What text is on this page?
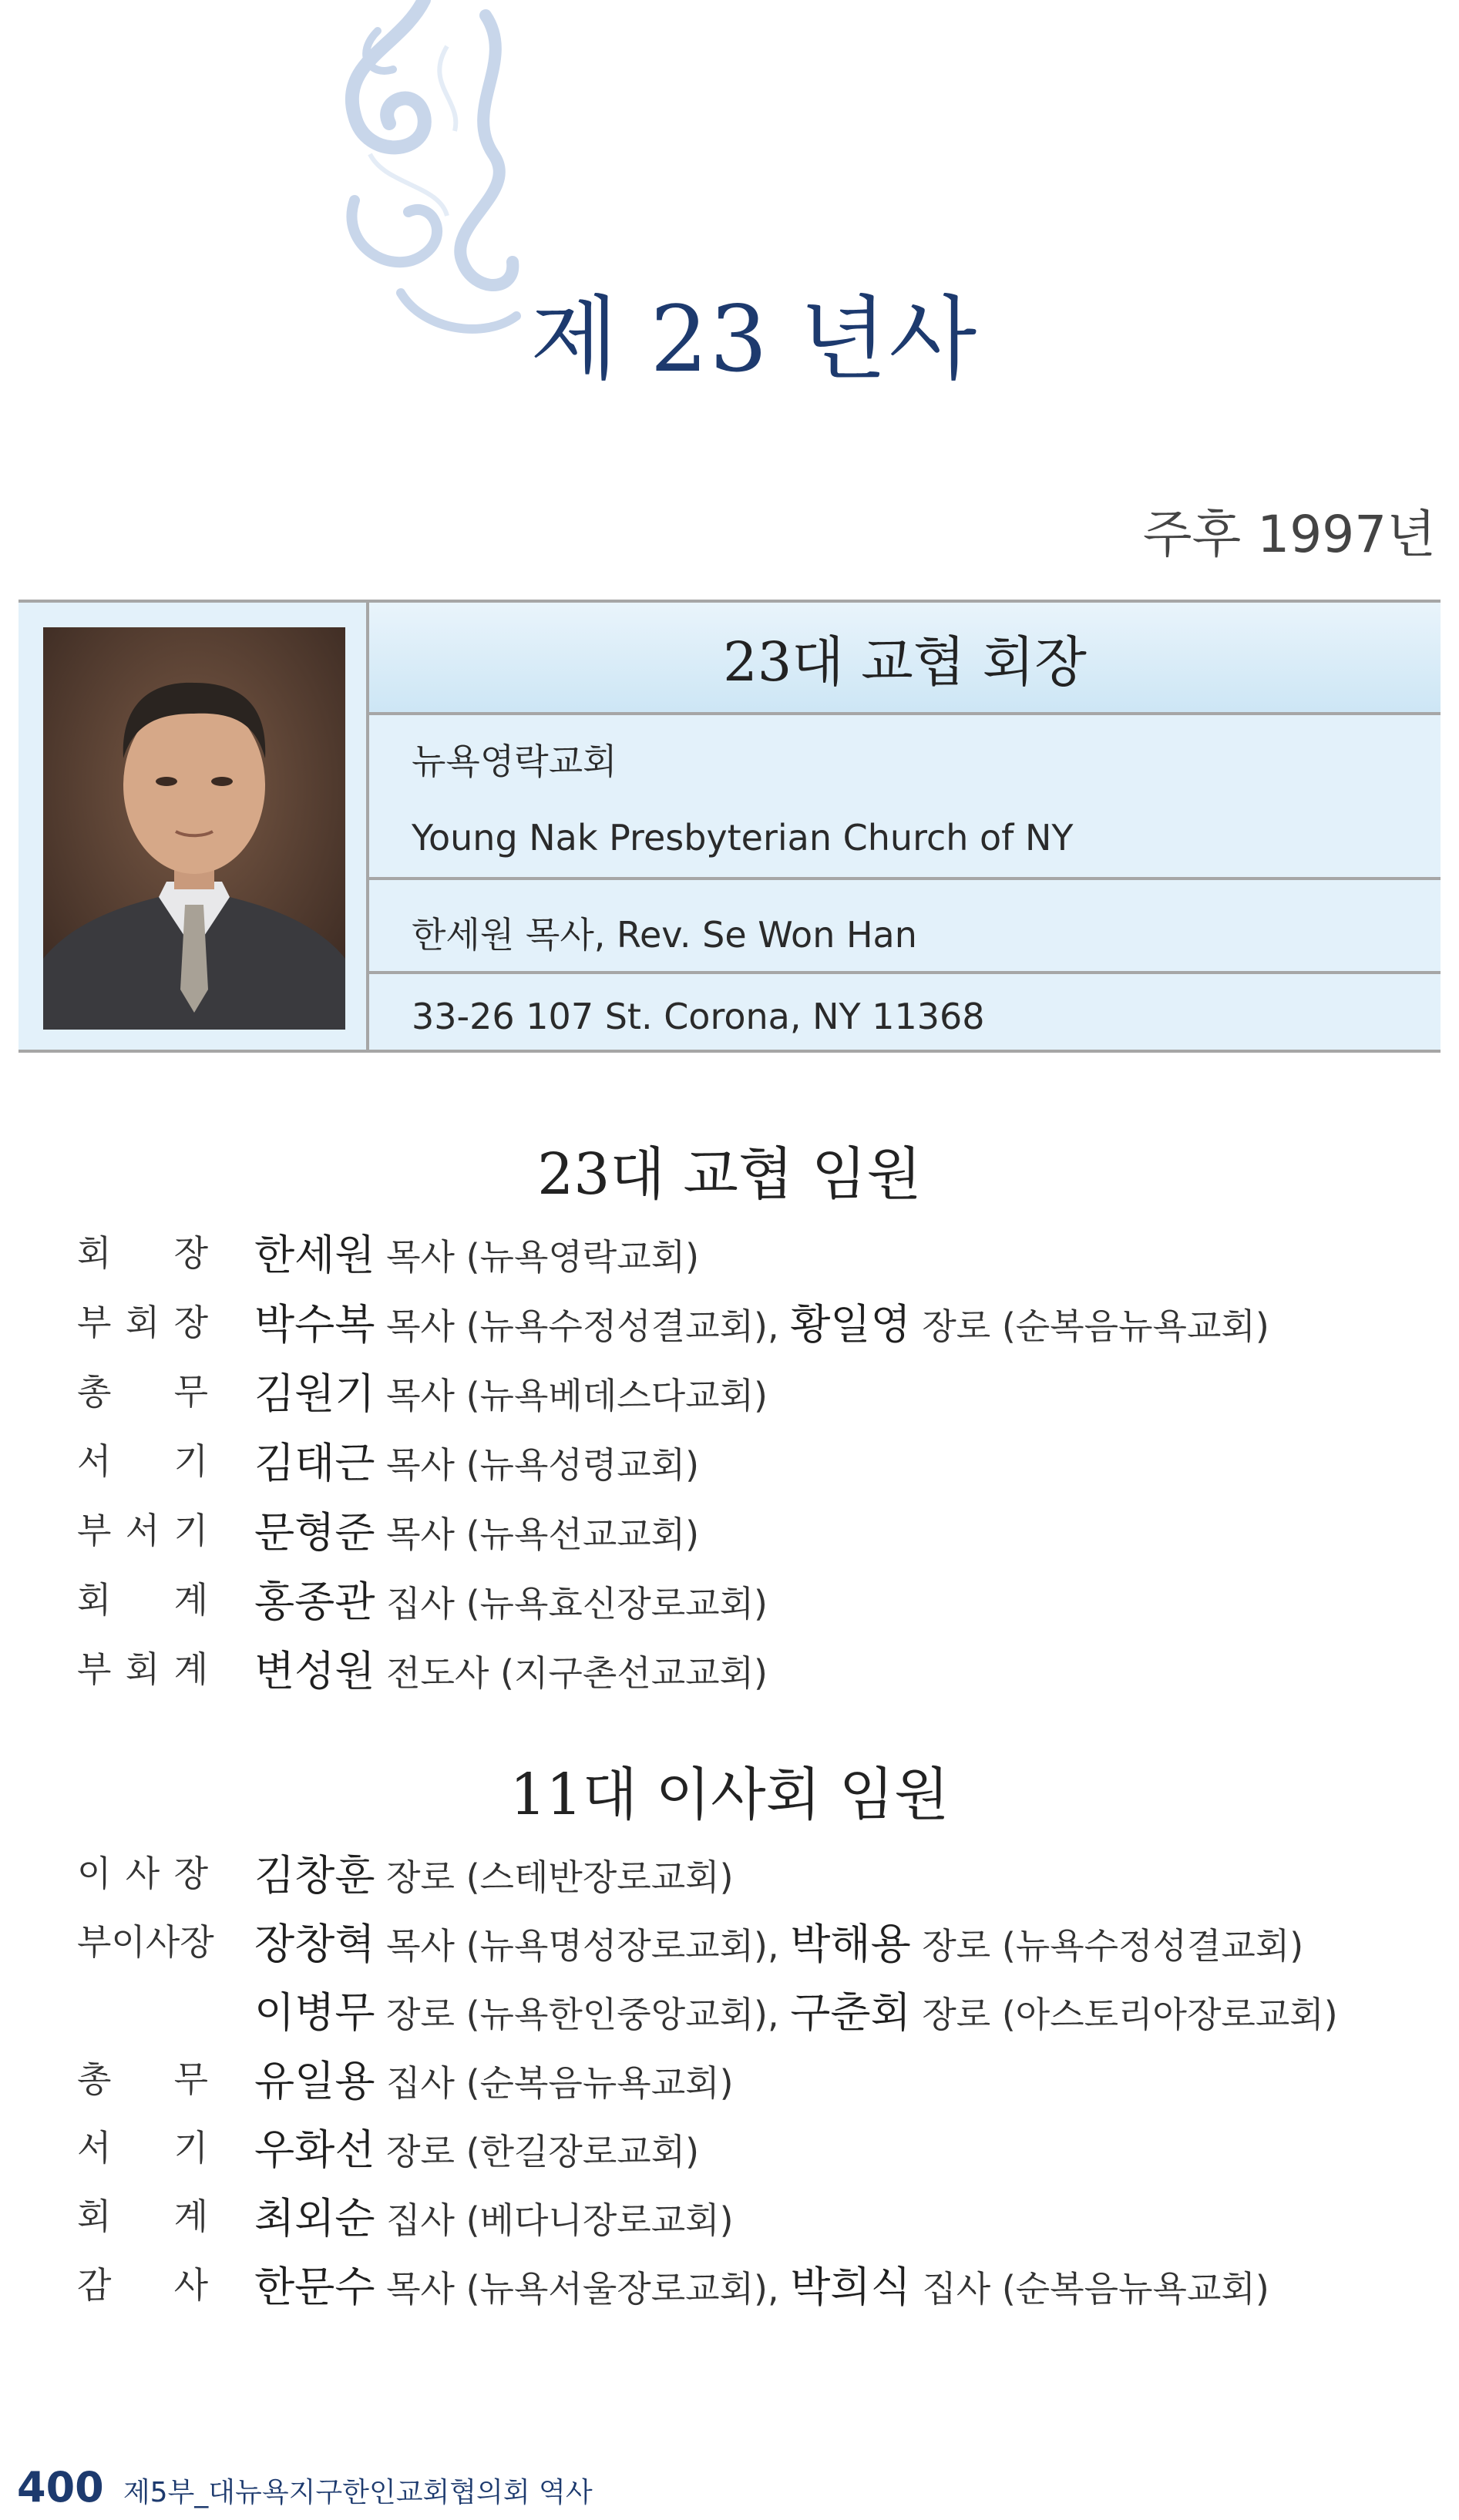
제 23 년사
주후 1997년
23대 교협 회장
뉴욕영락교회
Young Nak Presbyterian Church of NY
한세원 목사, Rev. Se Won Han
33-26 107 St. Corona, NY 11368
23대 교협 임원
회 장 한세원 목사 (뉴욕영락교회)
부 회 장 박수복 목사 (뉴욕수정성결교회), 황일영 장로 (순복음뉴욕교회)
총 무 김원기 목사 (뉴욕베데스다교회)
서 기 김태근 목사 (뉴욕성령교회)
부 서 기 문형준 목사 (뉴욕선교교회)
회 계 홍종관 집사 (뉴욕효신장로교회)
부 회 계 변성원 전도사 (지구촌선교교회)
11대 이사회 임원
이 사 장 김창훈 장로 (스테반장로교회)
부이사장 장창혁 목사 (뉴욕명성장로교회), 박해용 장로 (뉴욕수정성결교회)
이병무 장로 (뉴욕한인중앙교회), 구춘회 장로 (아스토리아장로교회)
총 무 유일용 집사 (순복음뉴욕교회)
서 기 우화선 장로 (한길장로교회)
회 계 최외순 집사 (베다니장로교회)
감 사 한문수 목사 (뉴욕서울장로교회), 박희식 집사 (순복음뉴욕교회)
400 제5부_대뉴욕지구한인교회협의회 역사
